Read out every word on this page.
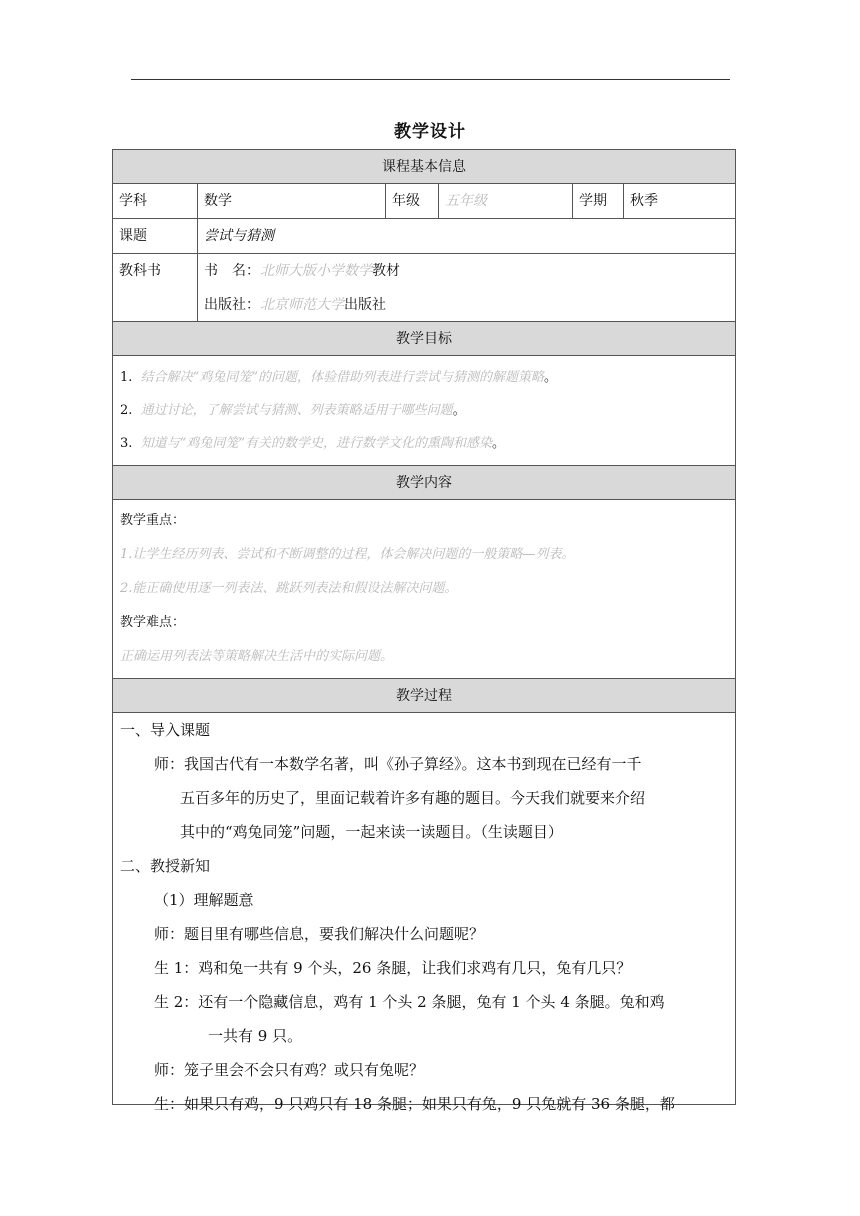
教学设计
课程基本信息
学科	数学	年级	五年级	学期	秋季
课题	尝试与猜测
教科书	书　名：北师大版小学数学教材
出版社：北京师范大学出版社
教学目标
1. 结合解决“鸡兔同笼”的问题，体验借助列表进行尝试与猜测的解题策略。
2. 通过讨论，了解尝试与猜测、列表策略适用于哪些问题。
3. 知道与“鸡兔同笼”有关的数学史，进行数学文化的熏陶和感染。
教学内容
教学重点：
1.让学生经历列表、尝试和不断调整的过程，体会解决问题的一般策略—列表。
2.能正确使用逐一列表法、跳跃列表法和假设法解决问题。
教学难点：
正确运用列表法等策略解决生活中的实际问题。
教学过程
一、导入课题
师：我国古代有一本数学名著，叫《孙子算经》。这本书到现在已经有一千
五百多年的历史了，里面记载着许多有趣的题目。今天我们就要来介绍
其中的“鸡兔同笼”问题，一起来读一读题目。（生读题目）
二、教授新知
（1）理解题意
师：题目里有哪些信息，要我们解决什么问题呢？
生 1：鸡和兔一共有 9 个头，26 条腿，让我们求鸡有几只，兔有几只？
生 2：还有一个隐藏信息，鸡有 1 个头 2 条腿，兔有 1 个头 4 条腿。兔和鸡
一共有 9 只。
师：笼子里会不会只有鸡？或只有兔呢？
生：如果只有鸡，9 只鸡只有 18 条腿；如果只有兔，9 只兔就有 36 条腿，都
